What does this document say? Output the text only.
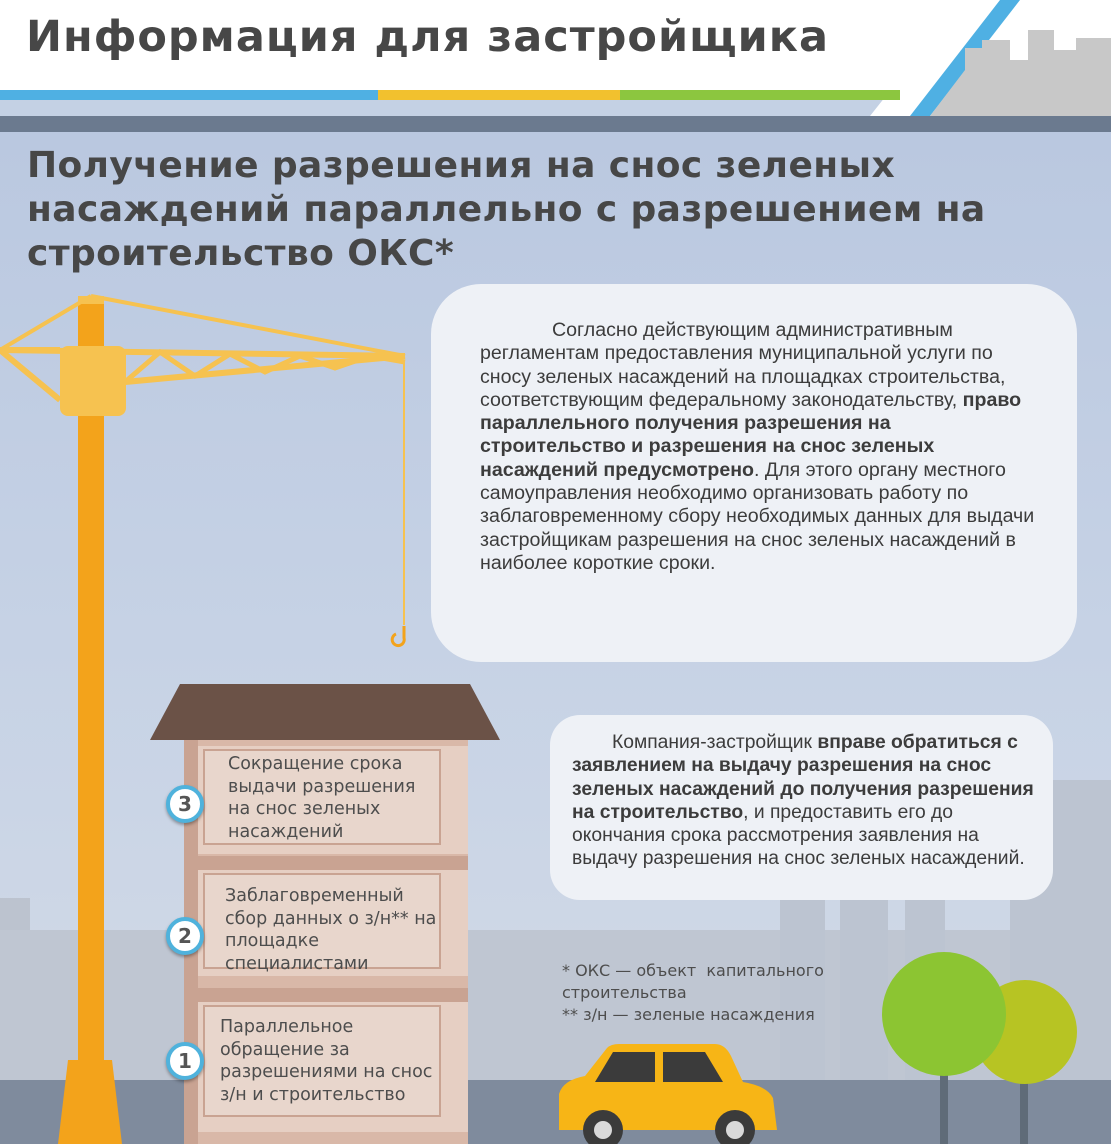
Информация для застройщика
Получение разрешения на снос зеленых насаждений параллельно с разрешением на строительство ОКС*
Согласно действующим административным регламентам предоставления муниципальной услуги по сносу зеленых насаждений на площадках строительства, соответствующим федеральному законодательству, право параллельного получения разрешения на строительство и разрешения на снос зеленых насаждений предусмотрено. Для этого органу местного самоуправления необходимо организовать работу по заблаговременному сбору необходимых данных для выдачи застройщикам разрешения на снос зеленых насаждений в наиболее короткие сроки.
Компания-застройщик вправе обратиться с заявлением на выдачу разрешения на снос зеленых насаждений до получения разрешения на строительство, и предоставить его до окончания срока рассмотрения заявления на выдачу разрешения на снос зеленых насаждений.
3
Сокращение срока выдачи разрешения на снос зеленых насаждений
2
Заблаговременный сбор данных о з/н** на площадке специалистами
1
Параллельное обращение за разрешениями на снос з/н и строительство
* ОКС — объект  капитального строительства
** з/н — зеленые насаждения
